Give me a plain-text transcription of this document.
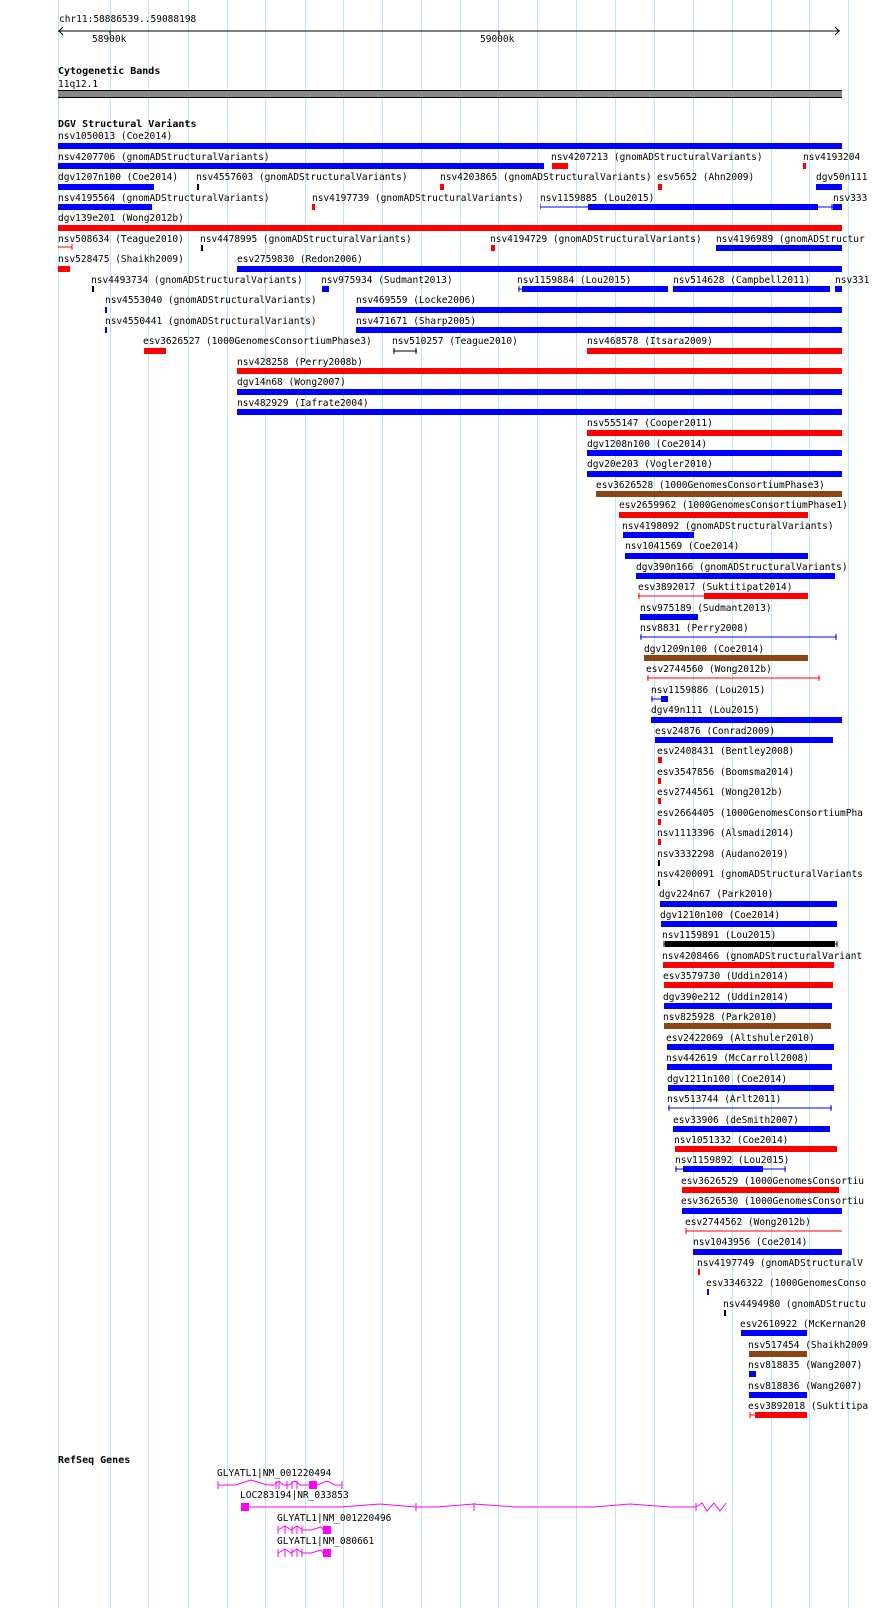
chr11:58886539..59088198
58900k	59000k
Cytogenetic Bands
11q12.1
DGV Structural Variants
nsv1050013 (Coe2014)
nsv4207706 (gnomADStructuralVariants)	nsv4207213 (gnomADStructuralVariants)	nsv4193204
dgv1207n100 (Coe2014) nsv4557603 (gnomADStructuralVariants)	nsv4203865 (gnomADStructuralVariants) esv5652 (Ahn2009)	dgv50n111
nsv4195564 (gnomADStructuralVariants)	nsv4197739 (gnomADStructuralVariants) nsv1159885 (Lou2015)	nsv333
dgv139e201 (Wong2012b)
nsv508634 (Teague2010) nsv4478995 (gnomADStructuralVariants)	nsv4194729 (gnomADStructuralVariants) nsv4196989 (gnomADStructur
nsv528475 (Shaikh2009)	esv2759830 (Redon2006)
nsv4493734 (gnomADStructuralVariants) nsv975934 (Sudmant2013)	nsv1159884 (Lou2015)	nsv514628 (Campbell2011)	nsv331
nsv4553040 (gnomADStructuralVariants)	nsv469559 (Locke2006)
nsv4550441 (gnomADStructuralVariants)	nsv471671 (Sharp2005)
esv3626527 (1000GenomesConsortiumPhase3) nsv510257 (Teague2010)	nsv468578 (Itsara2009)
nsv428258 (Perry2008b)
dgv14n68 (Wong2007)
nsv482929 (Iafrate2004)
nsv555147 (Cooper2011)
dgv1208n100 (Coe2014)
dgv20e203 (Vogler2010)
esv3626528 (1000GenomesConsortiumPhase3)
esv2659962 (1000GenomesConsortiumPhase1)
nsv4198092 (gnomADStructuralVariants)
nsv1041569 (Coe2014)
dgv390n166 (gnomADStructuralVariants)
esv3892017 (Suktitipat2014)
nsv975189 (Sudmant2013)
nsv8831 (Perry2008)
dgv1209n100 (Coe2014)
esv2744560 (Wong2012b)
nsv1159886 (Lou2015)
dgv49n111 (Lou2015)
esv24876 (Conrad2009)
esv2408431 (Bentley2008)
esv3547856 (Boomsma2014)
esv2744561 (Wong2012b)
esv2664405 (1000GenomesConsortiumPha
nsv1113396 (Alsmadi2014)
nsv3332298 (Audano2019)
nsv4200091 (gnomADStructuralVariants
dgv224n67 (Park2010)
dgv1210n100 (Coe2014)
nsv1159891 (Lou2015)
nsv4208466 (gnomADStructuralVariant
esv3579730 (Uddin2014)
dgv390e212 (Uddin2014)
nsv825928 (Park2010)
esv2422069 (Altshuler2010)
nsv442619 (McCarroll2008)
dgv1211n100 (Coe2014)
nsv513744 (Arlt2011)
esv33906 (deSmith2007)
nsv1051332 (Coe2014)
nsv1159892 (Lou2015)
esv3626529 (1000GenomesConsortiu
esv3626530 (1000GenomesConsortiu
esv2744562 (Wong2012b)
nsv1043956 (Coe2014)
nsv4197749 (gnomADStructuralV
esv3346322 (1000GenomesConso
nsv4494980 (gnomADStructu
esv2610922 (McKernan20
nsv517454 (Shaikh2009
nsv818835 (Wang2007)
nsv818836 (Wang2007)
esv3892018 (Suktitipa
RefSeq Genes
GLYATL1|NM_001220494
LOC283194|NR_033853
GLYATL1|NM_001220496
GLYATL1|NM_080661
